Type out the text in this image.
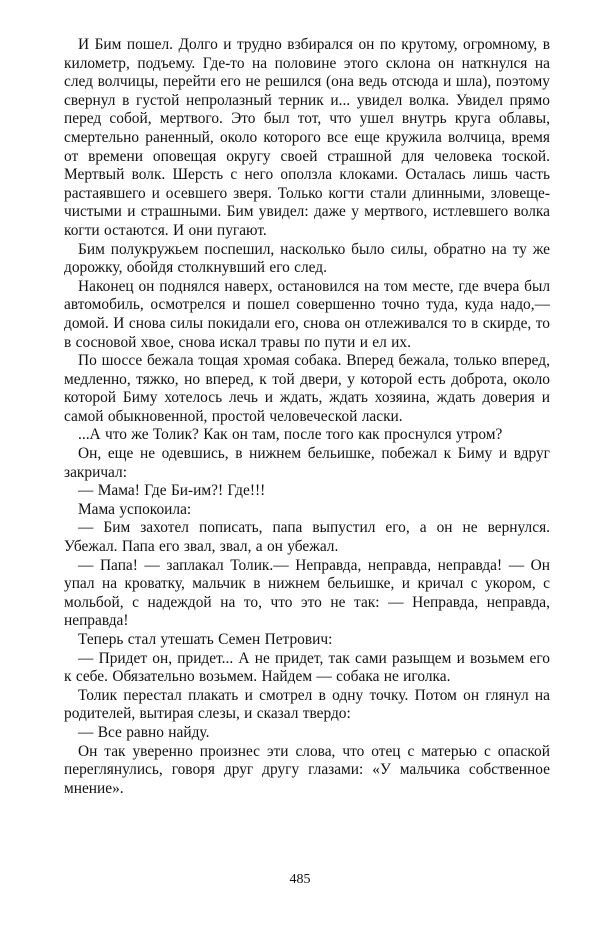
И Бим пошел. Долго и трудно взбирался он по крутому, огромному, в километр, подъему. Где-то на половине этого склона он наткнулся на след волчицы, перейти его не решился (она ведь отсюда и шла), поэтому свернул в густой непролазный терник и... увидел волка. Увидел прямо перед собой, мертвого. Это был тот, что ушел внутрь круга облавы, смертельно раненный, около которого все еще кружила волчица, время от времени оповещая округу своей страшной для человека тоской. Мертвый волк. Шерсть с него оползла клоками. Осталась лишь часть растаявшего и осевшего зверя. Только когти стали длинными, зловеще-чистыми и страшными. Бим увидел: даже у мертвого, истлевшего волка когти остаются. И они пугают.

Бим полукружьем поспешил, насколько было силы, обратно на ту же дорожку, обойдя столкнувший его след.

Наконец он поднялся наверх, остановился на том месте, где вчера был автомобиль, осмотрелся и пошел совершенно точно туда, куда надо,— домой. И снова силы покидали его, снова он отлеживался то в скирде, то в сосновой хвое, снова искал травы по пути и ел их.

По шоссе бежала тощая хромая собака. Вперед бежала, только вперед, медленно, тяжко, но вперед, к той двери, у которой есть доброта, около которой Биму хотелось лечь и ждать, ждать хозяина, ждать доверия и самой обыкновенной, простой человеческой ласки.

...А что же Толик? Как он там, после того как проснулся утром?

Он, еще не одевшись, в нижнем бельишке, побежал к Биму и вдруг закричал:

— Мама! Где Би-им?! Где!!!

Мама успокоила:

— Бим захотел пописать, папа выпустил его, а он не вернулся. Убежал. Папа его звал, звал, а он убежал.

— Папа! — заплакал Толик.— Неправда, неправда, неправда! — Он упал на кроватку, мальчик в нижнем бельишке, и кричал с укором, с мольбой, с надеждой на то, что это не так: — Неправда, неправда, неправда!

Теперь стал утешать Семен Петрович:

— Придет он, придет... А не придет, так сами разыщем и возьмем его к себе. Обязательно возьмем. Найдем — собака не иголка.

Толик перестал плакать и смотрел в одну точку. Потом он глянул на родителей, вытирая слезы, и сказал твердо:

— Все равно найду.

Он так уверенно произнес эти слова, что отец с матерью с опаской переглянулись, говоря друг другу глазами: «У мальчика собственное мнение».

485
